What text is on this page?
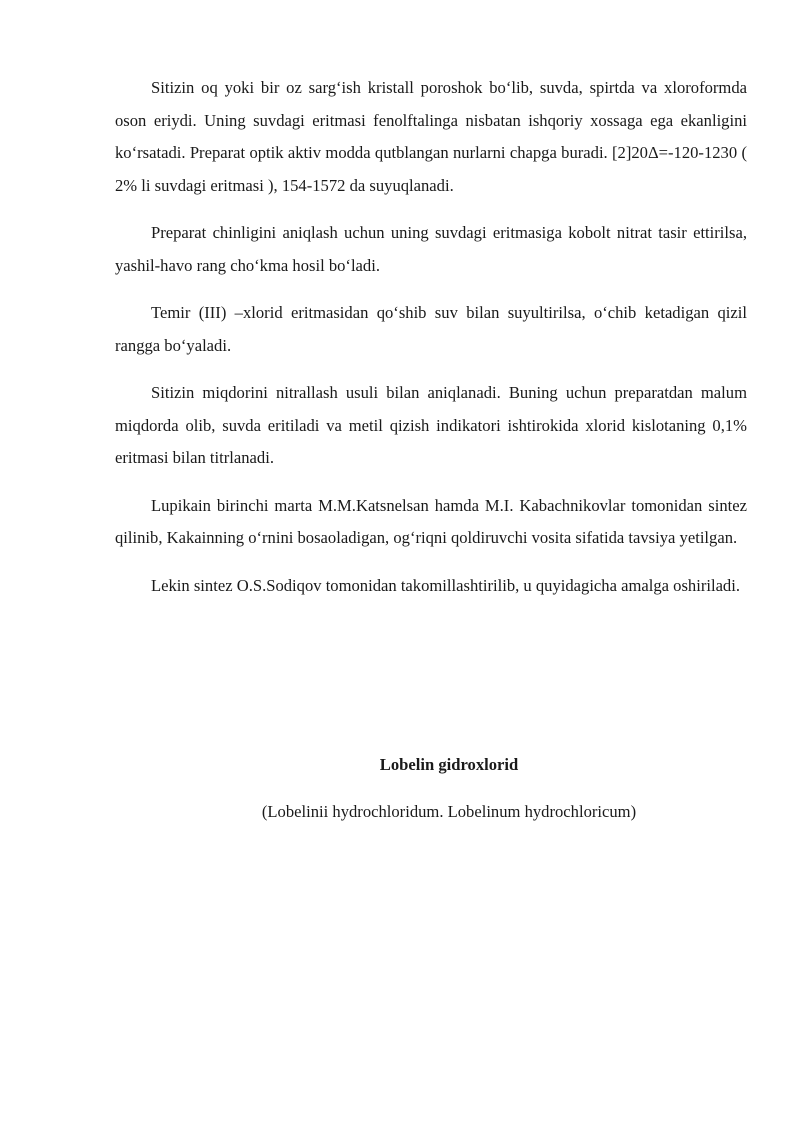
Sitizin oq yoki bir oz sarg‘ish kristall poroshok bo‘lib, suvda, spirtda va xloroformda oson eriydi. Uning suvdagi eritmasi fenolftalinga nisbatan ishqoriy xossaga ega ekanligini ko‘rsatadi. Preparat optik aktiv modda qutblangan nurlarni chapga buradi. [2]20Δ=-120-1230 ( 2% li suvdagi eritmasi ), 154-1572 da suyuqlanadi.

Preparat chinligini aniqlash uchun uning suvdagi eritmasiga kobolt nitrat tasir ettirilsa, yashil-havo rang cho‘kma hosil bo‘ladi.

Temir (III) –xlorid eritmasidan qo‘shib suv bilan suyultirilsa, o‘chib ketadigan qizil rangga bo‘yaladi.

Sitizin miqdorini nitrallash usuli bilan aniqlanadi. Buning uchun preparatdan malum miqdorda olib, suvda eritiladi va metil qizish indikatori ishtirokida xlorid kislotaning 0,1% eritmasi bilan titrlanadi.

Lupikain birinchi marta M.M.Katsnelsan hamda M.I. Kabachnikovlar tomonidan sintez qilinib, Kakainning o‘rnini bosaoladigan, og‘riqni qoldiruvchi vosita sifatida tavsiya yetilgan.

Lekin sintez O.S.Sodiqov tomonidan takomillashtirilib, u quyidagicha amalga oshiriladi.

Lobelin gidroxlorid

(Lobelinii hydrochloridum. Lobelinum hydrochloricum)
